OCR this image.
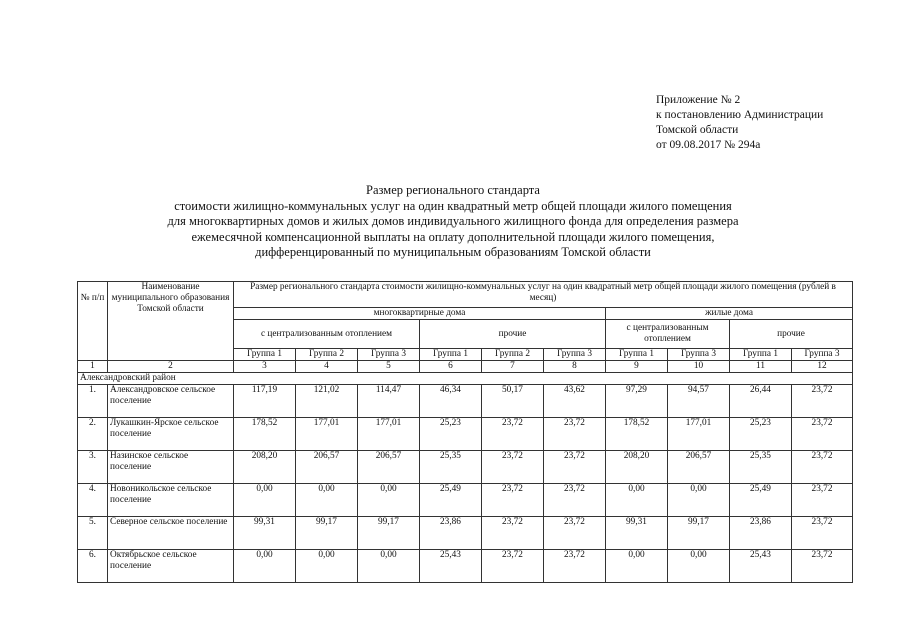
Приложение № 2
к постановлению Администрации
Томской области
от 09.08.2017 № 294а
Размер регионального стандарта
стоимости жилищно-коммунальных услуг на один квадратный метр общей площади жилого помещения
для многоквартирных домов и жилых домов индивидуального жилищного фонда для определения размера
ежемесячной компенсационной выплаты на оплату дополнительной площади жилого помещения,
дифференцированный по муниципальным образованиям Томской области

№ п/п	Наименование муниципального образования Томской области	Размер регионального стандарта стоимости жилищно-коммунальных услуг на один квадратный метр общей площади жилого помещения (рублей в месяц)									
		многоквартирные дома						жилые дома			
		с централизованным отоплением			прочие			с централизованным отоплением		прочие	
		Группа 1	Группа 2	Группа 3	Группа 1	Группа 2	Группа 3	Группа 1	Группа 3	Группа 1	Группа 3
1	2	3	4	5	6	7	8	9	10	11	12
Александровский район											
1.	Александровское сельское поселение	117,19	121,02	114,47	46,34	50,17	43,62	97,29	94,57	26,44	23,72
2.	Лукашкин-Ярское сельское поселение	178,52	177,01	177,01	25,23	23,72	23,72	178,52	177,01	25,23	23,72
3.	Назинское сельское поселение	208,20	206,57	206,57	25,35	23,72	23,72	208,20	206,57	25,35	23,72
4.	Новоникольское сельское поселение	0,00	0,00	0,00	25,49	23,72	23,72	0,00	0,00	25,49	23,72
5.	Северное сельское поселение	99,31	99,17	99,17	23,86	23,72	23,72	99,31	99,17	23,86	23,72
6.	Октябрьское сельское поселение	0,00	0,00	0,00	25,43	23,72	23,72	0,00	0,00	25,43	23,72
